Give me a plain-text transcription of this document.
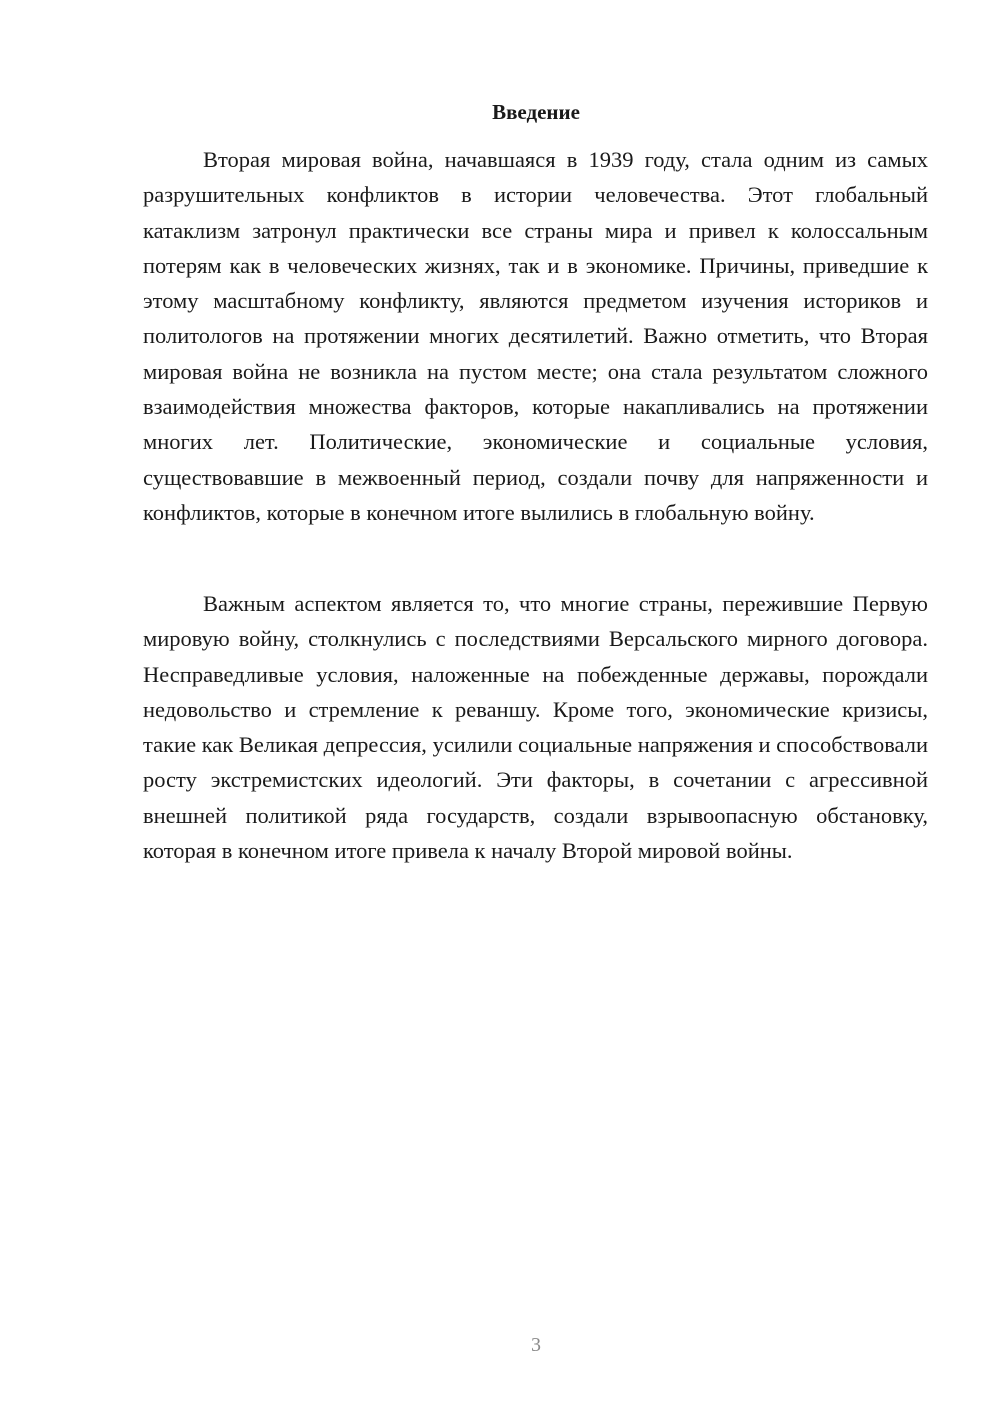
Введение

Вторая мировая война, начавшаяся в 1939 году, стала одним из самых разрушительных конфликтов в истории человечества. Этот глобальный катаклизм затронул практически все страны мира и привел к колоссальным потерям как в человеческих жизнях, так и в экономике. Причины, приведшие к этому масштабному конфликту, являются предметом изучения историков и политологов на протяжении многих десятилетий. Важно отметить, что Вторая мировая война не возникла на пустом месте; она стала результатом сложного взаимодействия множества факторов, которые накапливались на протяжении многих лет. Политические, экономические и социальные условия, существовавшие в межвоенный период, создали почву для напряженности и конфликтов, которые в конечном итоге вылились в глобальную войну.

Важным аспектом является то, что многие страны, пережившие Первую мировую войну, столкнулись с последствиями Версальского мирного договора. Несправедливые условия, наложенные на побежденные державы, порождали недовольство и стремление к реваншу. Кроме того, экономические кризисы, такие как Великая депрессия, усилили социальные напряжения и способствовали росту экстремистских идеологий. Эти факторы, в сочетании с агрессивной внешней политикой ряда государств, создали взрывоопасную обстановку, которая в конечном итоге привела к началу Второй мировой войны.

3
